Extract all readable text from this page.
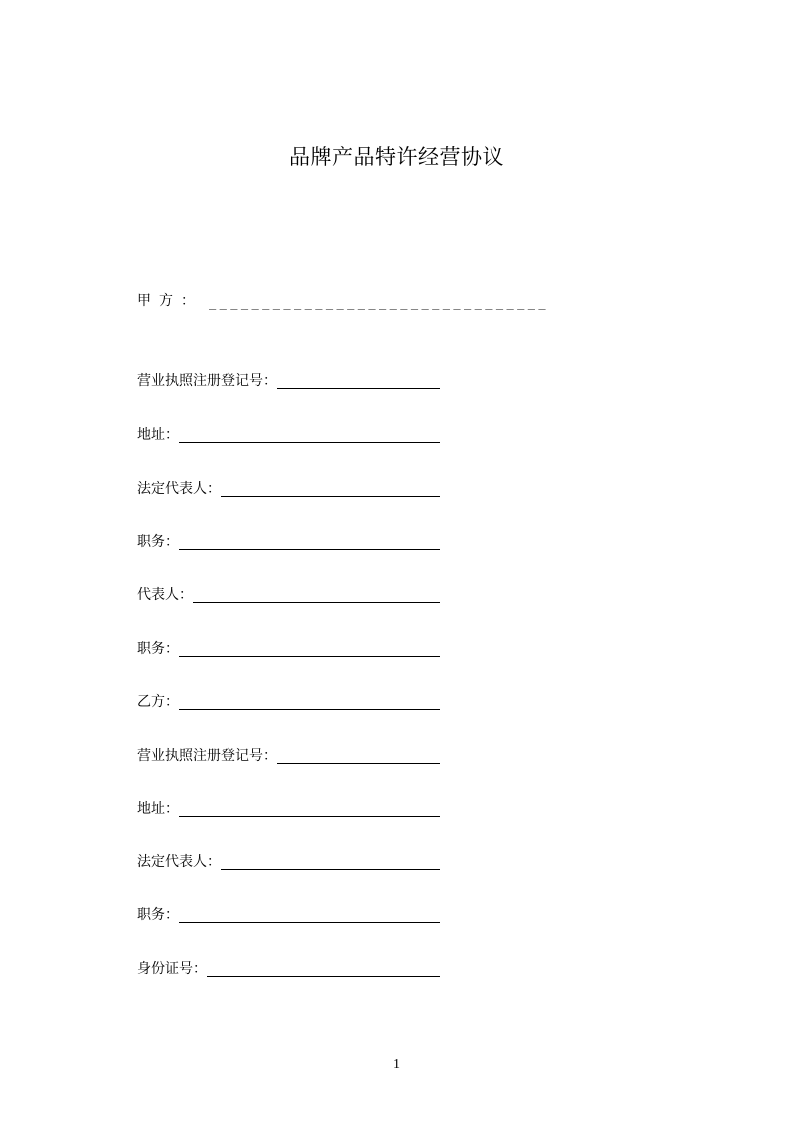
品牌产品特许经营协议
甲方： ________________________________
营业执照注册登记号：
地址：
法定代表人：
职务：
代表人：
职务：
乙方：
营业执照注册登记号：
地址：
法定代表人：
职务：
身份证号：
1
